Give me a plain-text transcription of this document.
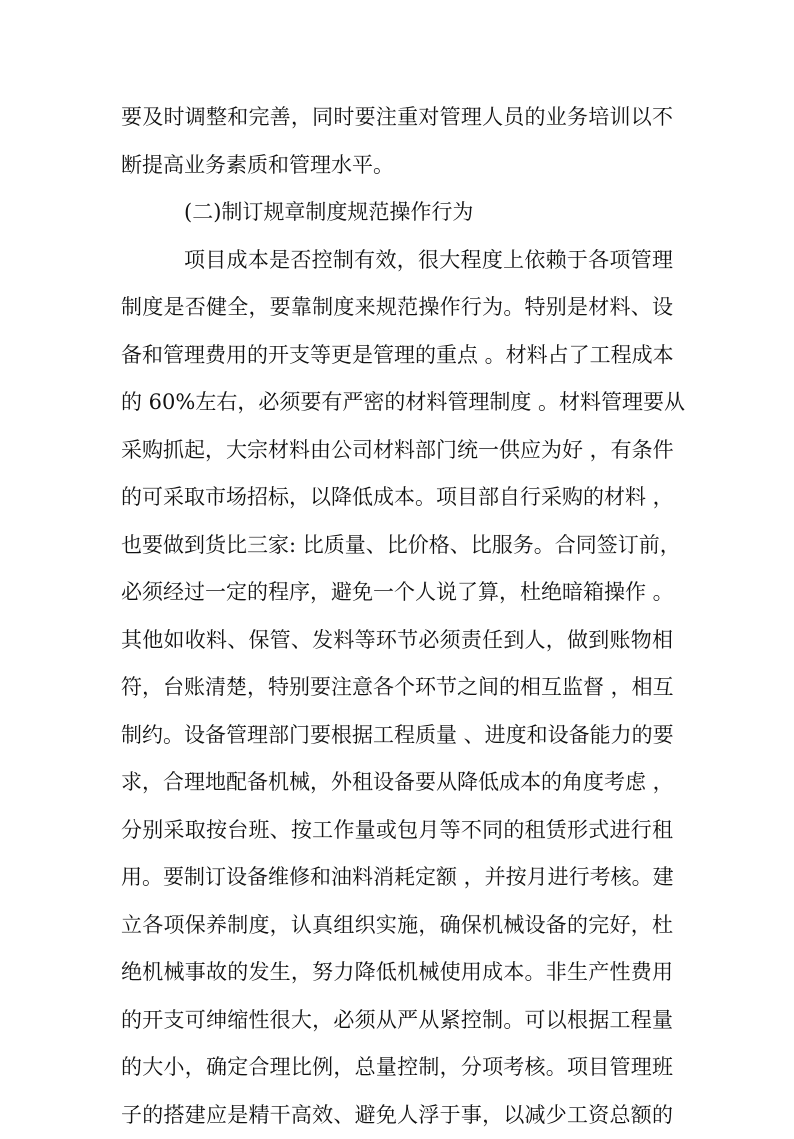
要及时调整和完善，同时要注重对管理人员的业务培训以不
断提高业务素质和管理水平。
(二)制订规章制度规范操作行为
项目成本是否控制有效，很大程度上依赖于各项管理
制度是否健全，要靠制度来规范操作行为。特别是材料、设
备和管理费用的开支等更是管理的重点 。材料占了工程成本
的 60%左右，必须要有严密的材料管理制度 。材料管理要从
采购抓起，大宗材料由公司材料部门统一供应为好 ，有条件
的可采取市场招标，以降低成本。项目部自行采购的材料 ，
也要做到货比三家: 比质量、比价格、比服务。合同签订前，
必须经过一定的程序，避免一个人说了算，杜绝暗箱操作 。
其他如收料、保管、发料等环节必须责任到人，做到账物相
符，台账清楚，特别要注意各个环节之间的相互监督 ，相互
制约。设备管理部门要根据工程质量 、进度和设备能力的要
求，合理地配备机械，外租设备要从降低成本的角度考虑 ，
分别采取按台班、按工作量或包月等不同的租赁形式进行租
用。要制订设备维修和油料消耗定额 ，并按月进行考核。建
立各项保养制度，认真组织实施，确保机械设备的完好，杜
绝机械事故的发生，努力降低机械使用成本。非生产性费用
的开支可绅缩性很大，必须从严从紧控制。可以根据工程量
的大小，确定合理比例，总量控制，分项考核。项目管理班
子的搭建应是精干高效、避免人浮于事，以减少工资总额的
